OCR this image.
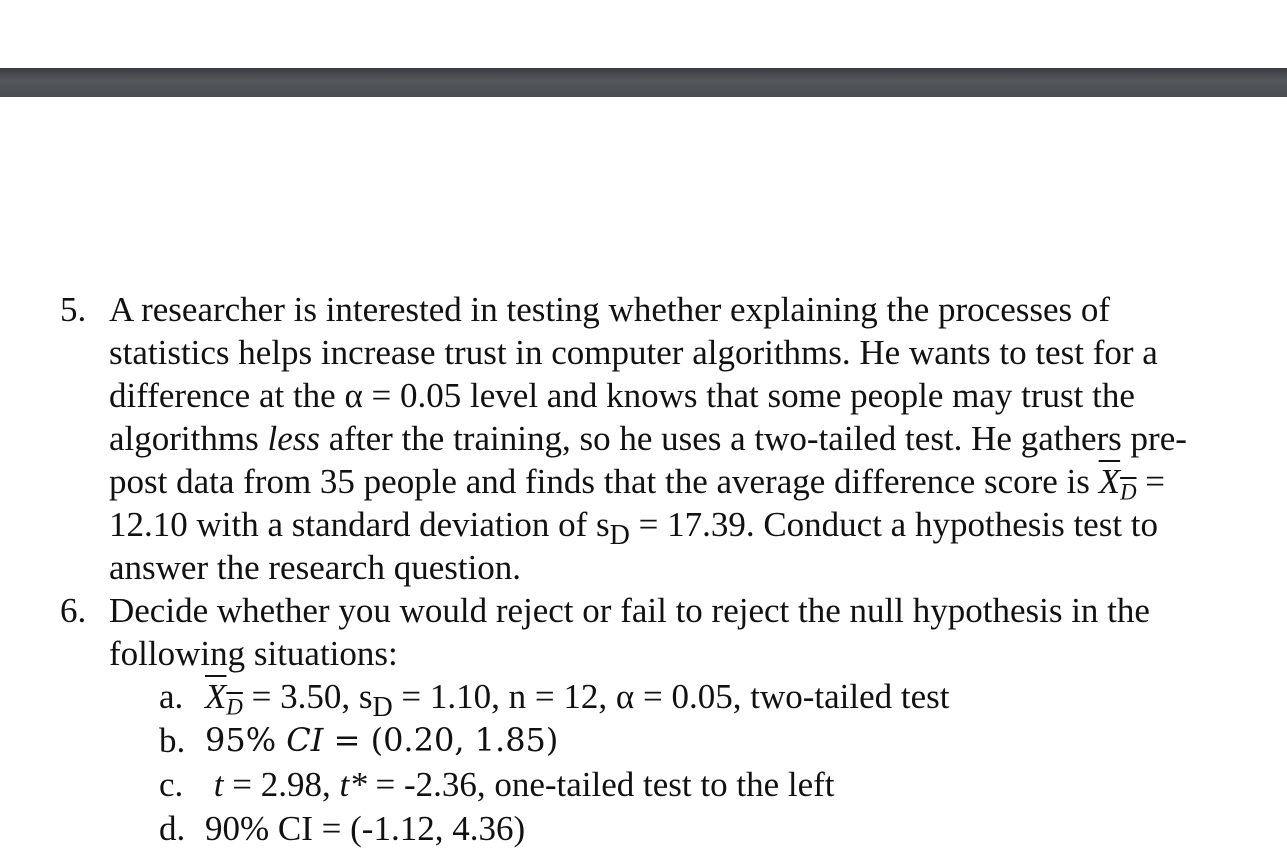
5. A researcher is interested in testing whether explaining the processes of
statistics helps increase trust in computer algorithms. He wants to test for a
difference at the α = 0.05 level and knows that some people may trust the
algorithms less after the training, so he uses a two-tailed test. He gathers pre-
post data from 35 people and finds that the average difference score is $X_D$ =
12.10 with a standard deviation of $s_D = 17.39$. Conduct a hypothesis test to
answer the research question.
6. Decide whether you would reject or fail to reject the null hypothesis in the
following situations:
a. $X_D = 3.50$, $s_D = 1.10$, n = 12, α = 0.05, two-tailed test
b. 95% CI = (0.20, 1.85)
c. t = 2.98, t* = -2.36, one-tailed test to the left
d. 90% CI = (-1.12, 4.36)
